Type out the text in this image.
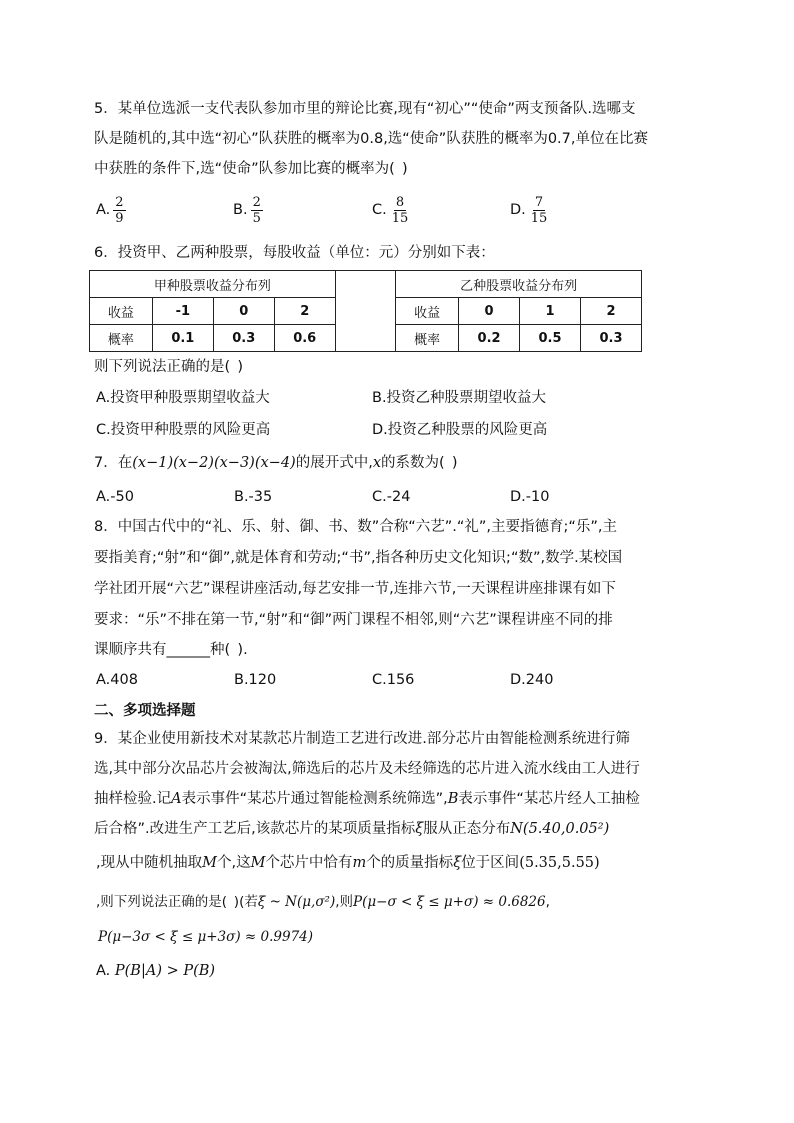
5．某单位选派一支代表队参加市里的辩论比赛,现有“初心”“使命”两支预备队.选哪支
队是随机的,其中选“初心”队获胜的概率为0.8,选“使命”队获胜的概率为0.7,单位在比赛
中获胜的条件下,选“使命”队参加比赛的概率为( )
A. $\frac{2}{9}$	B. $\frac{2}{5}$	C. $\frac{8}{15}$	D. $\frac{7}{15}$
6．投资甲、乙两种股票，每股收益（单位：元）分别如下表：
甲种股票收益分布列					乙种股票收益分布列			
收益	-1	0	2		收益	0	1	2
概率	0.1	0.3	0.6		概率	0.2	0.5	0.3
则下列说法正确的是( )
A.投资甲种股票期望收益大	B.投资乙种股票期望收益大
C.投资甲种股票的风险更高	D.投资乙种股票的风险更高
7．在(x−1)(x−2)(x−3)(x−4)的展开式中,x的系数为( )
A.-50	B.-35	C.-24	D.-10
8．中国古代中的“礼、乐、射、御、书、数”合称“六艺”.“礼”,主要指德育;“乐”,主
要指美育;“射”和“御”,就是体育和劳动;“书”,指各种历史文化知识;“数”,数学.某校国
学社团开展“六艺”课程讲座活动,每艺安排一节,连排六节,一天课程讲座排课有如下
要求：“乐”不排在第一节,“射”和“御”两门课程不相邻,则“六艺”课程讲座不同的排
课顺序共有______种( ).
A.408	B.120	C.156	D.240
二、多项选择题
9．某企业使用新技术对某款芯片制造工艺进行改进.部分芯片由智能检测系统进行筛
选,其中部分次品芯片会被淘汰,筛选后的芯片及未经筛选的芯片进入流水线由工人进行
抽样检验.记A表示事件“某芯片通过智能检测系统筛选”,B表示事件“某芯片经人工抽检
后合格”.改进生产工艺后,该款芯片的某项质量指标ξ服从正态分布N(5.40,0.05²)
,现从中随机抽取M个,这M个芯片中恰有m个的质量指标ξ位于区间(5.35,5.55)
,则下列说法正确的是( )(若ξ ~ N(μ,σ²),则P(μ−σ < ξ ≤ μ+σ) ≈ 0.6826,
P(μ−3σ < ξ ≤ μ+3σ) ≈ 0.9974)
A. P(B|A) > P(B)
